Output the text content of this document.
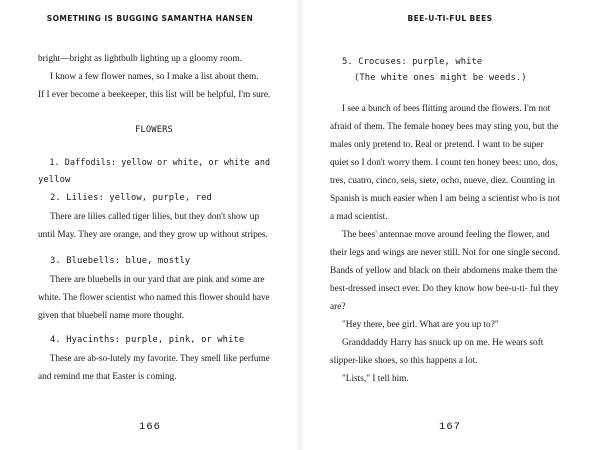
SOMETHING IS BUGGING SAMANTHA HANSEN
bright—bright as lightbulb lighting up a gloomy room.
I know a few flower names, so I make a list about them.
If I ever become a beekeeper, this list will be helpful, I'm sure.
FLOWERS
1. Daffodils: yellow or white, or white and
yellow
2. Lilies: yellow, purple, red
There are lilies called tiger lilies, but they don't show up
until May. They are orange, and they grow up without stripes.
3. Bluebells: blue, mostly
There are bluebells in our yard that are pink and some are
white. The flower scientist who named this flower should have
given that bluebell name more thought.
4. Hyacinths: purple, pink, or white
These are ab-so-lutely my favorite. They smell like perfume
and remind me that Easter is coming.
166
BEE-U-TI-FUL BEES
167
5. Crocuses: purple, white
(The white ones might be weeds.)
I see a bunch of bees flitting around the flowers. I'm not
afraid of them. The female honey bees may sting you, but the
males only pretend to. Real or pretend. I want to be super
quiet so I don't worry them. I count ten honey bees: uno, dos,
tres, cuatro, cinco, seis, siete, ocho, nueve, diez. Counting in
Spanish is much easier when I am being a scientist who is not
a mad scientist.
The bees' antennae move around feeling the flower, and
their legs and wings are never still. Not for one single second.
Bands of yellow and black on their abdomens make them the
best-dressed insect ever. Do they know how bee-u-ti- ful they
are?
"Hey there, bee girl. What are you up to?"
Granddaddy Harry has snuck up on me. He wears soft
slipper-like shoes, so this happens a lot.
"Lists," I tell him.
